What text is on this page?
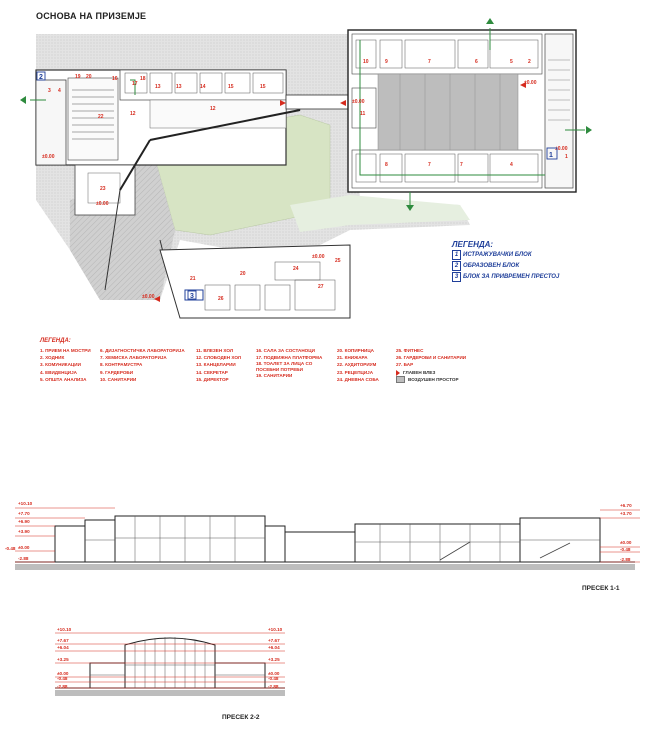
ОСНОВА НА ПРИЗЕМЈЕ
±0.00
±0.00
±0.00
±0.00
±0.00
±0.00
±0.00
3 4
19 20
22
16
17
18
13	13	14	15	15
12
12
23
11
7	6	5
9
10
7	4
8	7
1
2
24
25
27
26
21
20
2
1
3
ЛЕГЕНДА:
1 ИСТРАЖУВАЧКИ БЛОК
2 ОБРАЗОВЕН БЛОК
3 БЛОК ЗА ПРИВРЕМЕН ПРЕСТОЈ
ЛЕГЕНДА:
1. ПРИЕМ НА МОСТРИ
2. ХОДНИК
3. КОМУНИКАЦИИ
4. ЕВИДЕНЦИЈА
5. ОПШТА АНАЛИЗА
6. ДИЈАГНОСТИЧКА ЛАБОРАТОРИЈА
7. ХЕМИСКА ЛАБОРАТОРИЈА
8. КОНТРАМУСТРА
9. ГАРДЕРОБИ
10. САНИТАРИИ
11. ВЛЕЗЕН ХОЛ
12. СЛОБОДЕН ХОЛ
13. КАНЦЕЛАРИИ
14. СЕКРЕТАР
15. ДИРЕКТОР
16. САЛА ЗА СОСТАНОЦИ
17. ПОДВИЖНА ПЛАТФОРМА
18. ТОАЛЕТ ЗА ЛИЦА СО ПОСЕБНИ ПОТРЕБИ
19. САНИТАРИИ
20. КОПИРНИЦА
21. КНИЖАРА
22. АУДИТОРИУМ
23. РЕЦЕПЦИЈА
24. ДНЕВНА СОБА
25. ФИТНЕС
26. ГАРДЕРОБИ И САНИТАРИИ
27. БАР
ГЛАВЕН ВЛЕЗ
ВОЗДУШЕН ПРОСТОР
+10.10
+7.70
+6.90
+3.90
±0.00
-2.88
-0.48
+6.70
+3.70
±0.00
-0.48
-2.88
ПРЕСЕК 1-1
+10.10
+7.67
+6.04
+3.25
±0.00
-0.48
-2.88
+10.10
+7.67
+6.04
+3.25
±0.00
-0.48
-2.88
ПРЕСЕК 2-2
